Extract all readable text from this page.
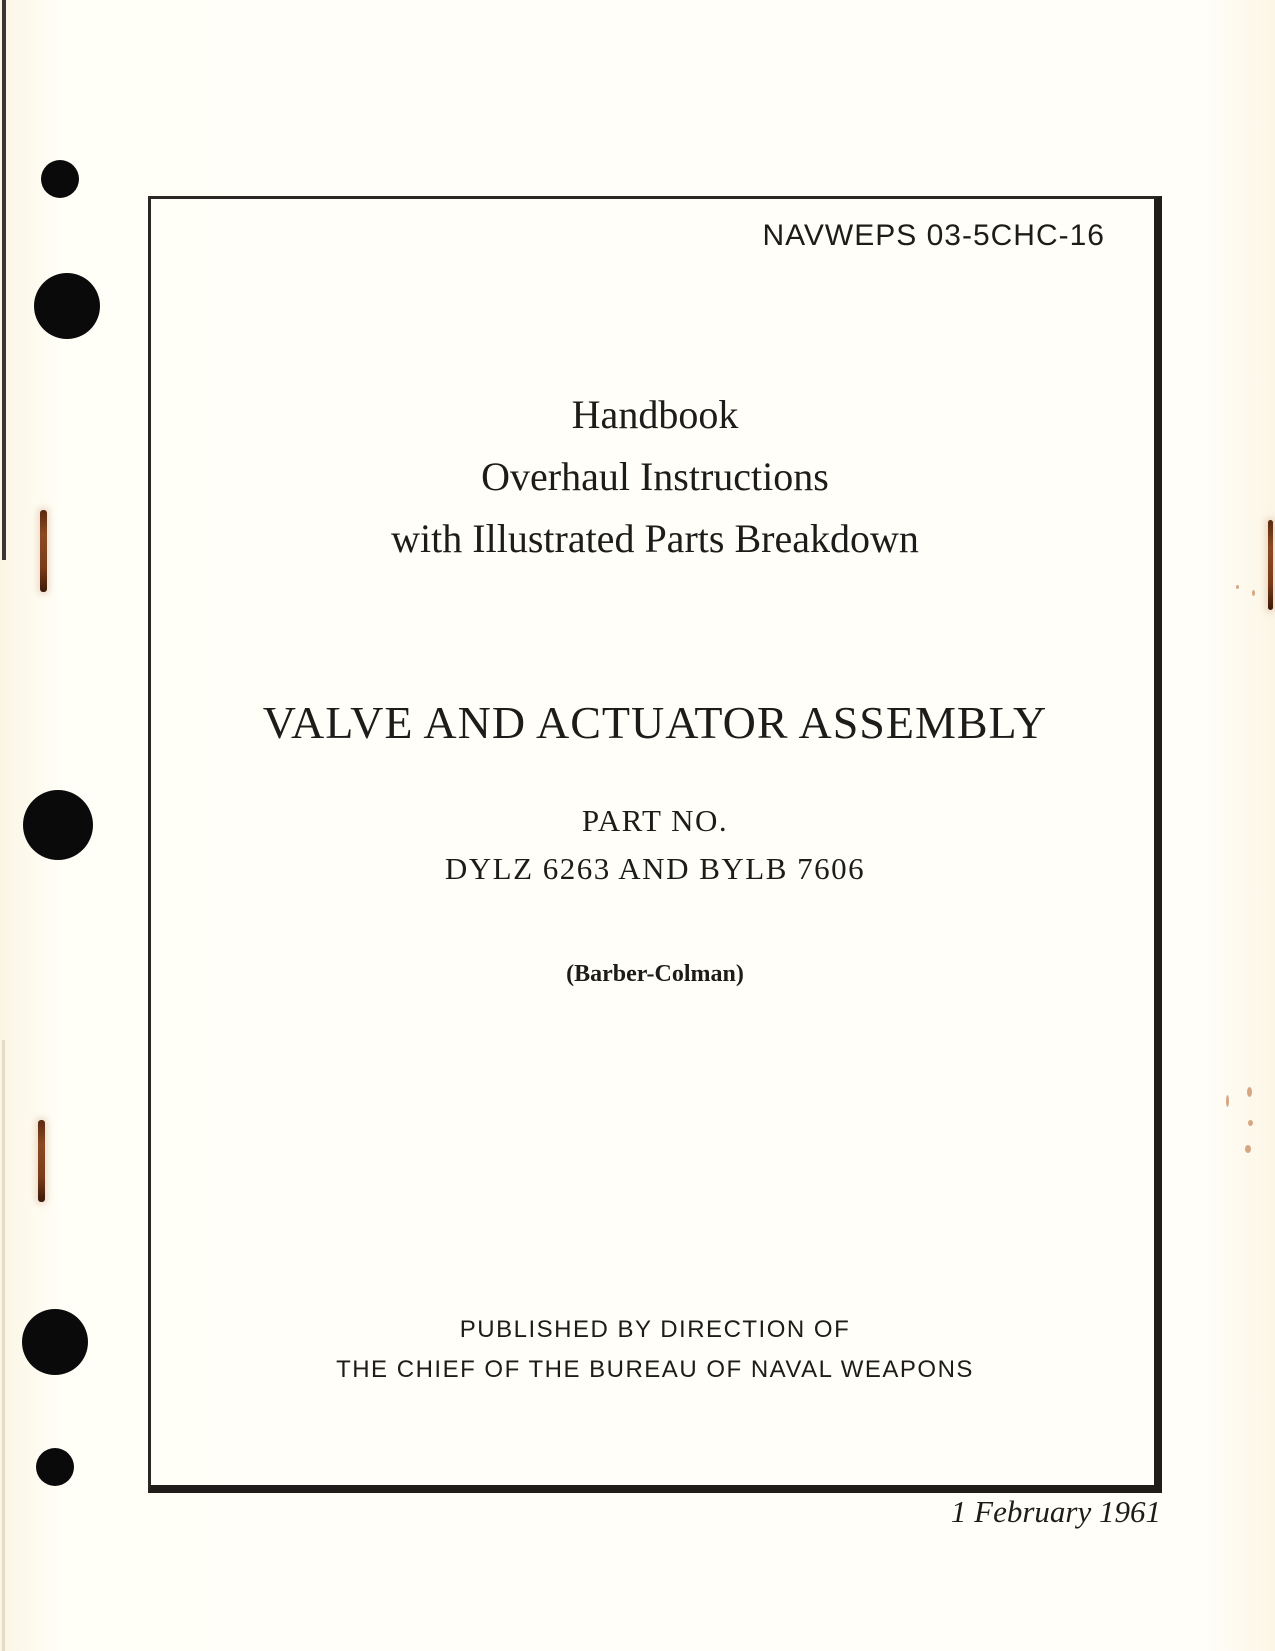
NAVWEPS 03-5CHC-16
Handbook
Overhaul Instructions
with Illustrated Parts Breakdown
VALVE AND ACTUATOR ASSEMBLY
PART NO.
DYLZ 6263 AND BYLB 7606
(Barber-Colman)
PUBLISHED BY DIRECTION OF
THE CHIEF OF THE BUREAU OF NAVAL WEAPONS
1 February 1961
